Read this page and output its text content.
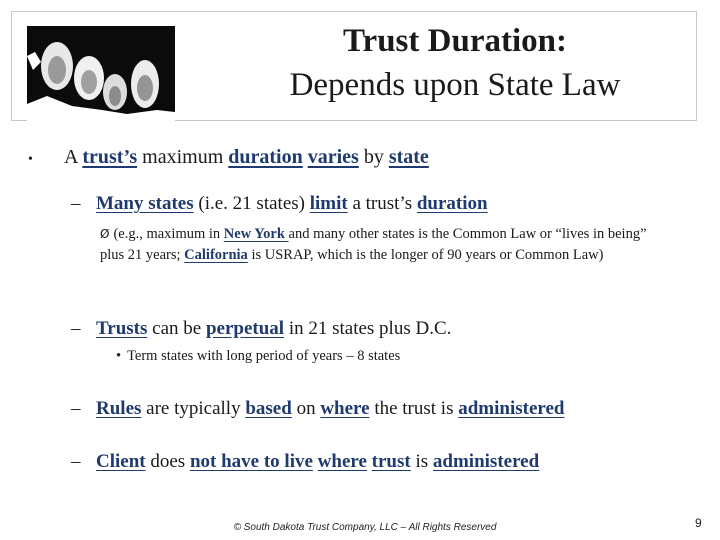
Trust Duration:
Depends upon State Law
• A trust’s maximum duration varies by state
– Many states (i.e. 21 states) limit a trust’s duration
Ø (e.g., maximum in New York and many other states is the Common Law or “lives in being” plus 21 years; California is USRAP, which is the longer of 90 years or Common Law)
– Trusts can be perpetual in 21 states plus D.C.
• Term states with long period of years – 8 states
– Rules are typically based on where the trust is administered
– Client does not have to live where trust is administered
© South Dakota Trust Company, LLC – All Rights Reserved	9
